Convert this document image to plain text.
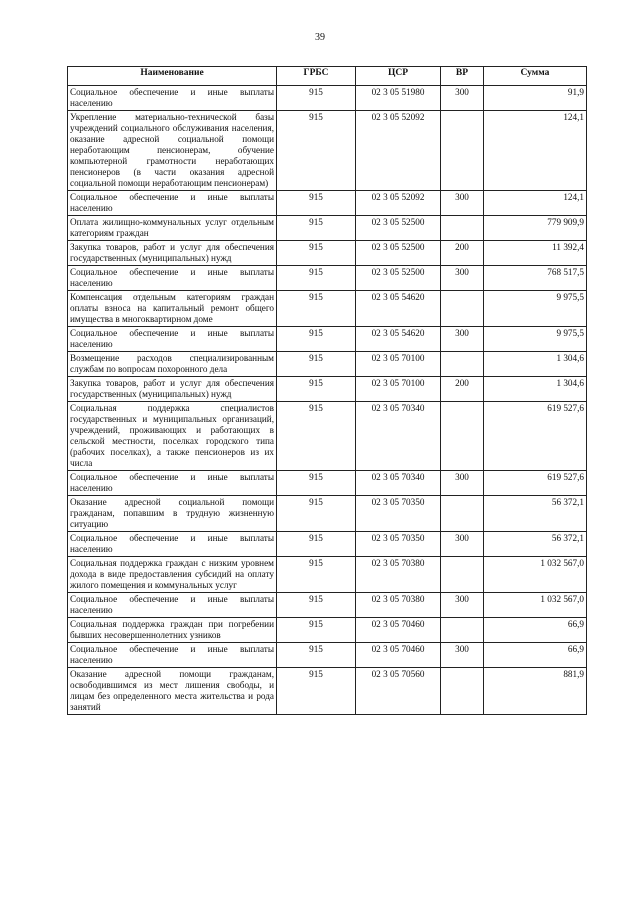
39
Наименование	ГРБС	ЦСР	ВР	Сумма
Социальное обеспечение и иные выплаты населению	915	02 3 05 51980	300	91,9
Укрепление материально-технической базы учреждений социального обслуживания населения, оказание адресной социальной помощи неработающим пенсионерам, обучение компьютерной грамотности неработающих пенсионеров (в части оказания адресной социальной помощи неработающим пенсионерам)	915	02 3 05 52092		124,1
Социальное обеспечение и иные выплаты населению	915	02 3 05 52092	300	124,1
Оплата жилищно-коммунальных услуг отдельным категориям граждан	915	02 3 05 52500		779 909,9
Закупка товаров, работ и услуг для обеспечения государственных (муниципальных) нужд	915	02 3 05 52500	200	11 392,4
Социальное обеспечение и иные выплаты населению	915	02 3 05 52500	300	768 517,5
Компенсация отдельным категориям граждан оплаты взноса на капитальный ремонт общего имущества в многоквартирном доме	915	02 3 05 54620		9 975,5
Социальное обеспечение и иные выплаты населению	915	02 3 05 54620	300	9 975,5
Возмещение расходов специализированным службам по вопросам похоронного дела	915	02 3 05 70100		1 304,6
Закупка товаров, работ и услуг для обеспечения государственных (муниципальных) нужд	915	02 3 05 70100	200	1 304,6
Социальная поддержка специалистов государственных и муниципальных организаций, учреждений, проживающих и работающих в сельской местности, поселках городского типа (рабочих поселках), а также пенсионеров из их числа	915	02 3 05 70340		619 527,6
Социальное обеспечение и иные выплаты населению	915	02 3 05 70340	300	619 527,6
Оказание адресной социальной помощи гражданам, попавшим в трудную жизненную ситуацию	915	02 3 05 70350		56 372,1
Социальное обеспечение и иные выплаты населению	915	02 3 05 70350	300	56 372,1
Социальная поддержка граждан с низким уровнем дохода в виде предоставления субсидий на оплату жилого помещения и коммунальных услуг	915	02 3 05 70380		1 032 567,0
Социальное обеспечение и иные выплаты населению	915	02 3 05 70380	300	1 032 567,0
Социальная поддержка граждан при погребении бывших несовершеннолетних узников	915	02 3 05 70460		66,9
Социальное обеспечение и иные выплаты населению	915	02 3 05 70460	300	66,9
Оказание адресной помощи гражданам, освободившимся из мест лишения свободы, и лицам без определенного места жительства и рода занятий	915	02 3 05 70560		881,9
